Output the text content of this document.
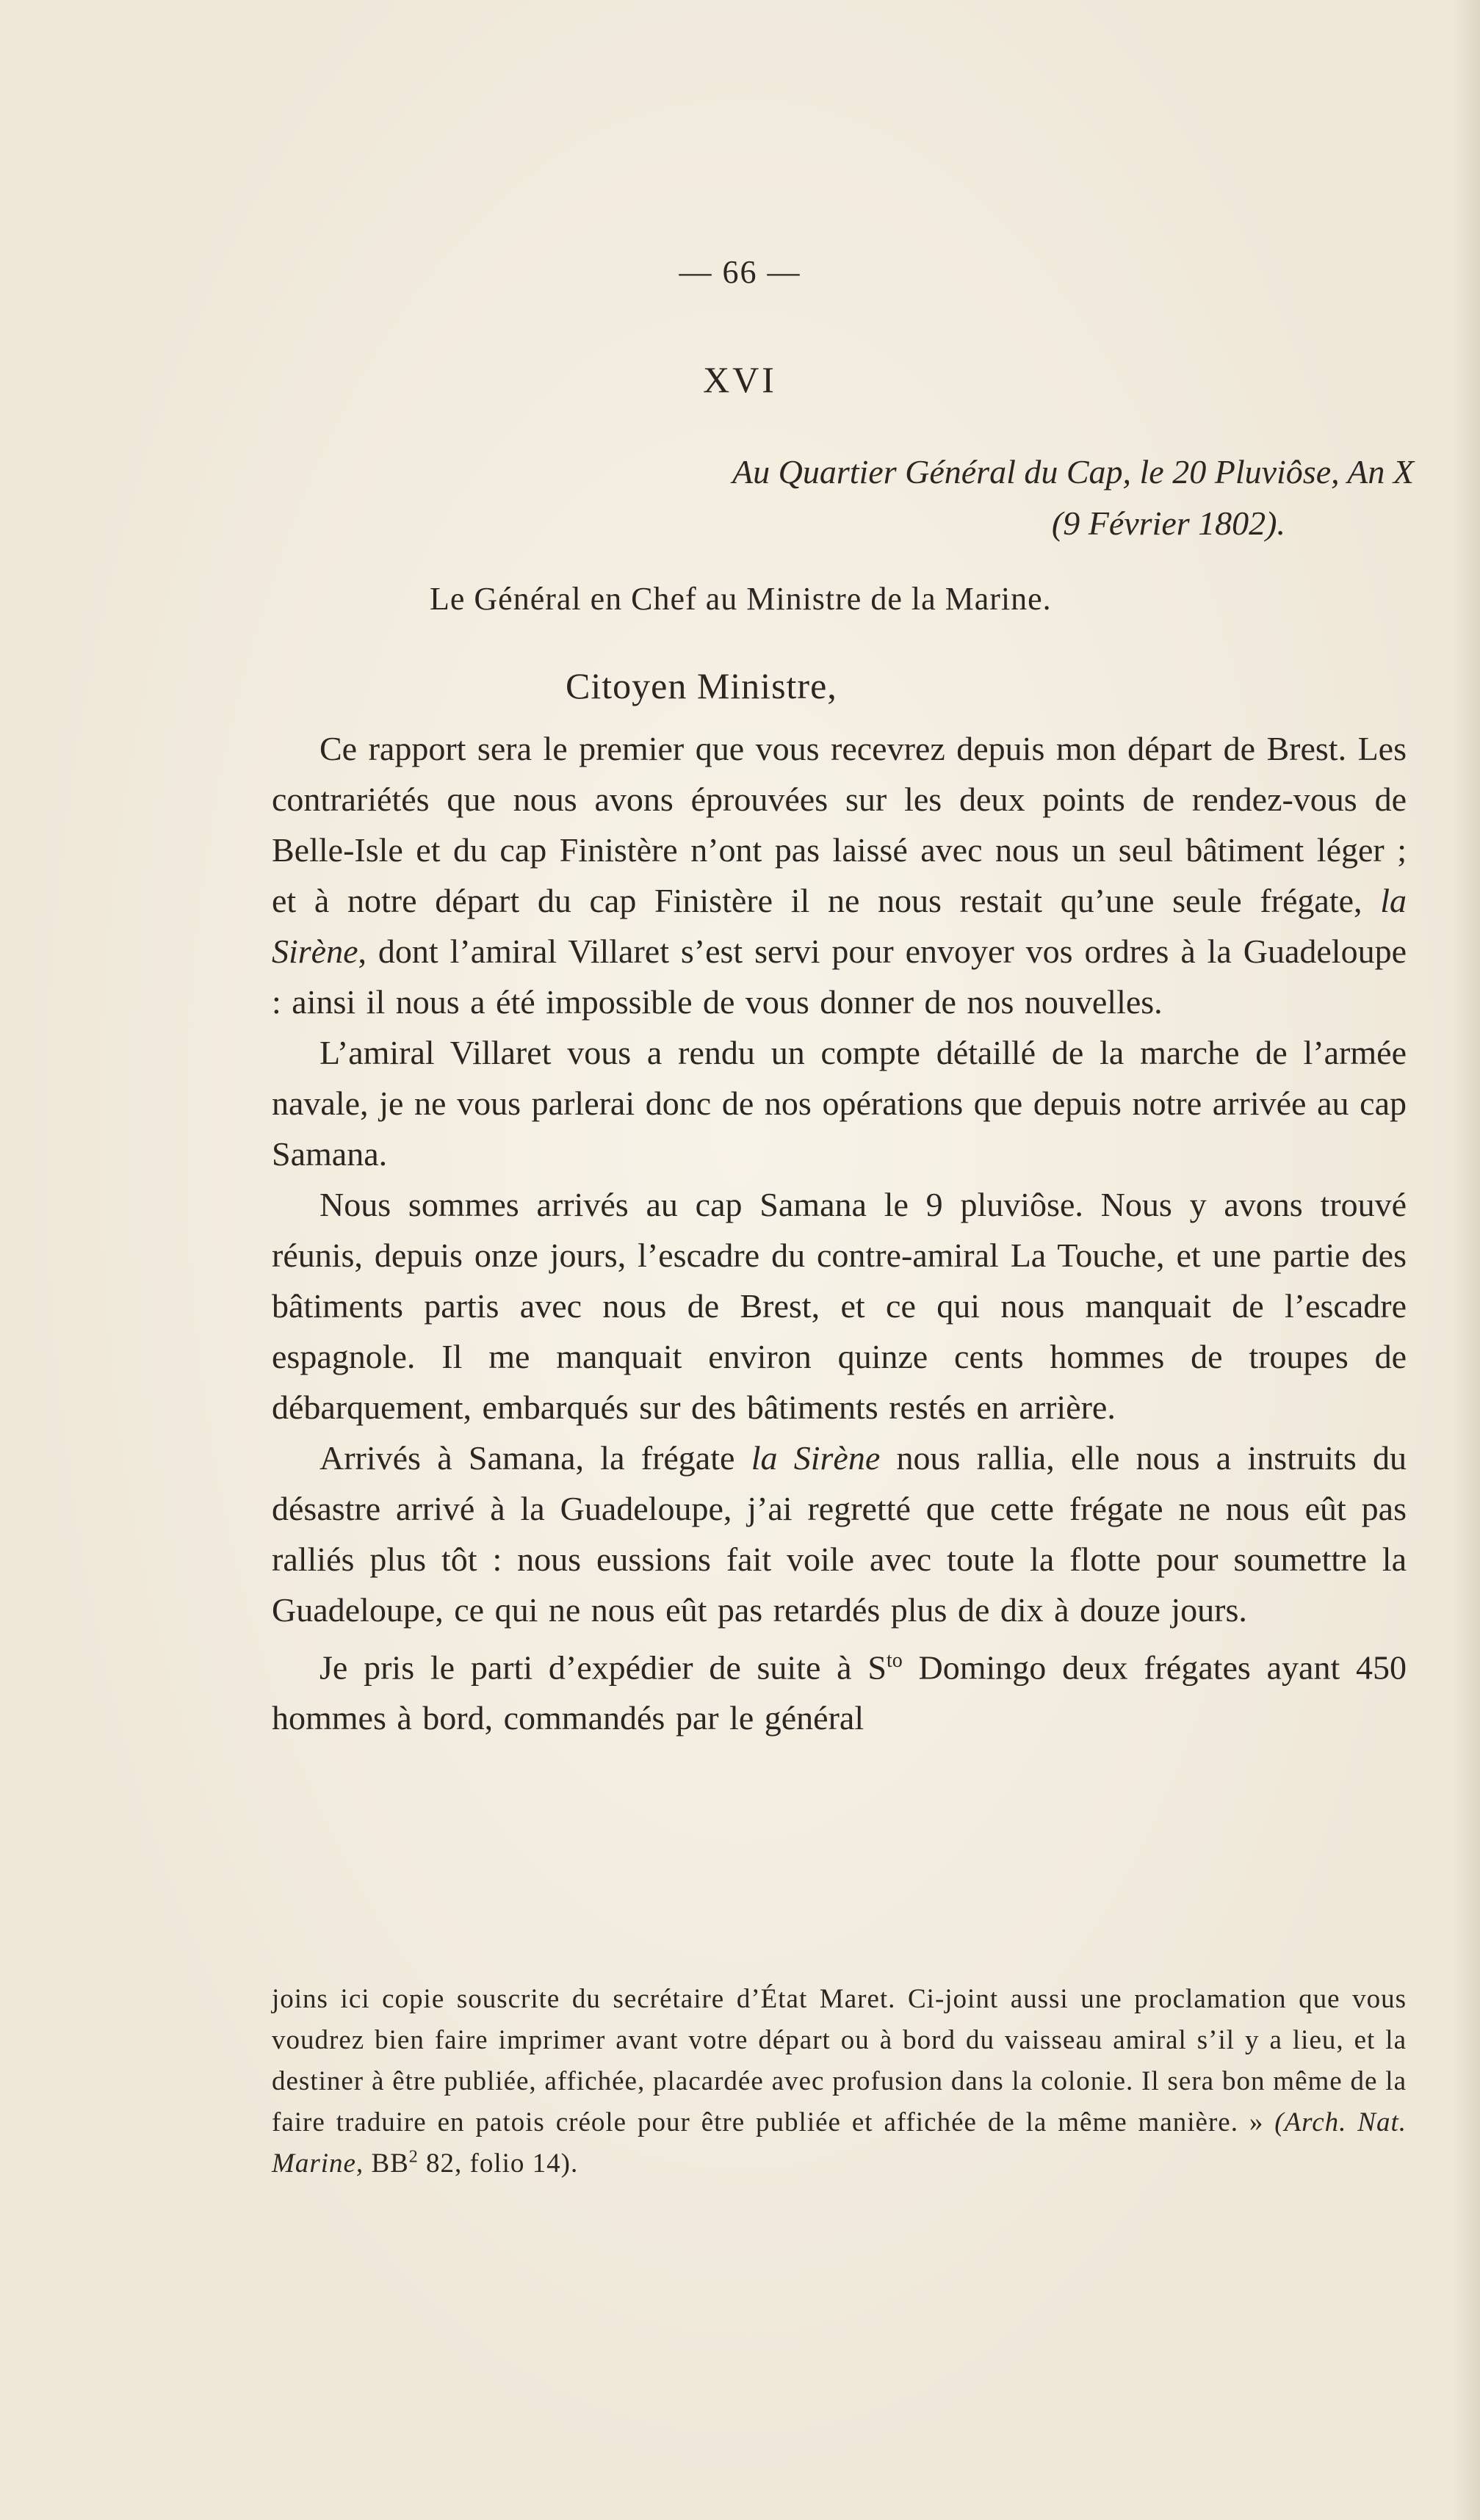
— 66 —
XVI
Au Quartier Général du Cap, le 20 Pluviôse, An X
(9 Février 1802).
Le Général en Chef au Ministre de la Marine.
Citoyen Ministre,

Ce rapport sera le premier que vous recevrez depuis mon départ de Brest. Les contrariétés que nous avons éprouvées sur les deux points de rendez-vous de Belle-Isle et du cap Finistère n’ont pas laissé avec nous un seul bâtiment léger ; et à notre départ du cap Finistère il ne nous restait qu’une seule frégate, la Sirène, dont l’amiral Villaret s’est servi pour envoyer vos ordres à la Guadeloupe : ainsi il nous a été impossible de vous donner de nos nouvelles.

L’amiral Villaret vous a rendu un compte détaillé de la marche de l’armée navale, je ne vous parlerai donc de nos opérations que depuis notre arrivée au cap Samana.

Nous sommes arrivés au cap Samana le 9 pluviôse. Nous y avons trouvé réunis, depuis onze jours, l’escadre du contre-amiral La Touche, et une partie des bâtiments partis avec nous de Brest, et ce qui nous manquait de l’escadre espagnole. Il me manquait environ quinze cents hommes de troupes de débarquement, embarqués sur des bâtiments restés en arrière.

Arrivés à Samana, la frégate la Sirène nous rallia, elle nous a instruits du désastre arrivé à la Guadeloupe, j’ai regretté que cette frégate ne nous eût pas ralliés plus tôt : nous eussions fait voile avec toute la flotte pour soumettre la Guadeloupe, ce qui ne nous eût pas retardés plus de dix à douze jours.

Je pris le parti d’expédier de suite à $S^{to}$ Domingo deux frégates ayant 450 hommes à bord, commandés par le général

joins ici copie souscrite du secrétaire d’État Maret. Ci-joint aussi une proclamation que vous voudrez bien faire imprimer avant votre départ ou à bord du vaisseau amiral s’il y a lieu, et la destiner à être publiée, affichée, placardée avec profusion dans la colonie. Il sera bon même de la faire traduire en patois créole pour être publiée et affichée de la même manière. » (Arch. Nat. Marine, $BB^2$ 82, folio 14).
